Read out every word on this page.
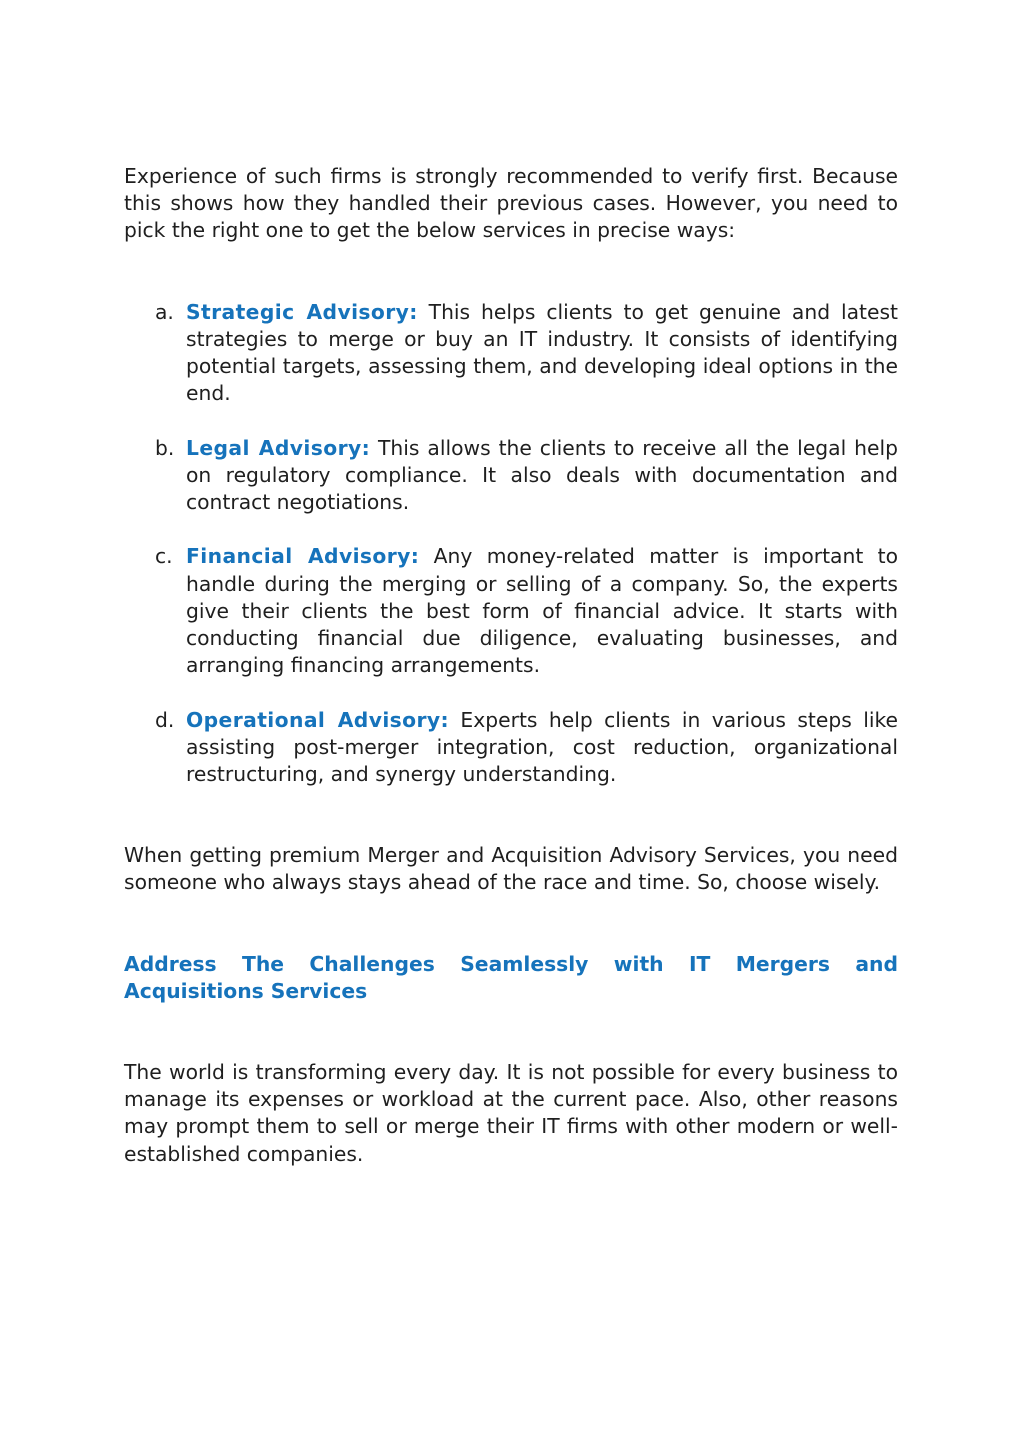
Experience of such firms is strongly recommended to verify first. Because this shows how they handled their previous cases. However, you need to pick the right one to get the below services in precise ways:

a. Strategic Advisory: This helps clients to get genuine and latest strategies to merge or buy an IT industry. It consists of identifying potential targets, assessing them, and developing ideal options in the end.
b. Legal Advisory: This allows the clients to receive all the legal help on regulatory compliance. It also deals with documentation and contract negotiations.
c. Financial Advisory: Any money-related matter is important to handle during the merging or selling of a company. So, the experts give their clients the best form of financial advice. It starts with conducting financial due diligence, evaluating businesses, and arranging financing arrangements.
d. Operational Advisory: Experts help clients in various steps like assisting post-merger integration, cost reduction, organizational restructuring, and synergy understanding.

When getting premium Merger and Acquisition Advisory Services, you need someone who always stays ahead of the race and time. So, choose wisely.

Address The Challenges Seamlessly with IT Mergers and Acquisitions Services

The world is transforming every day. It is not possible for every business to manage its expenses or workload at the current pace. Also, other reasons may prompt them to sell or merge their IT firms with other modern or well-established companies.
